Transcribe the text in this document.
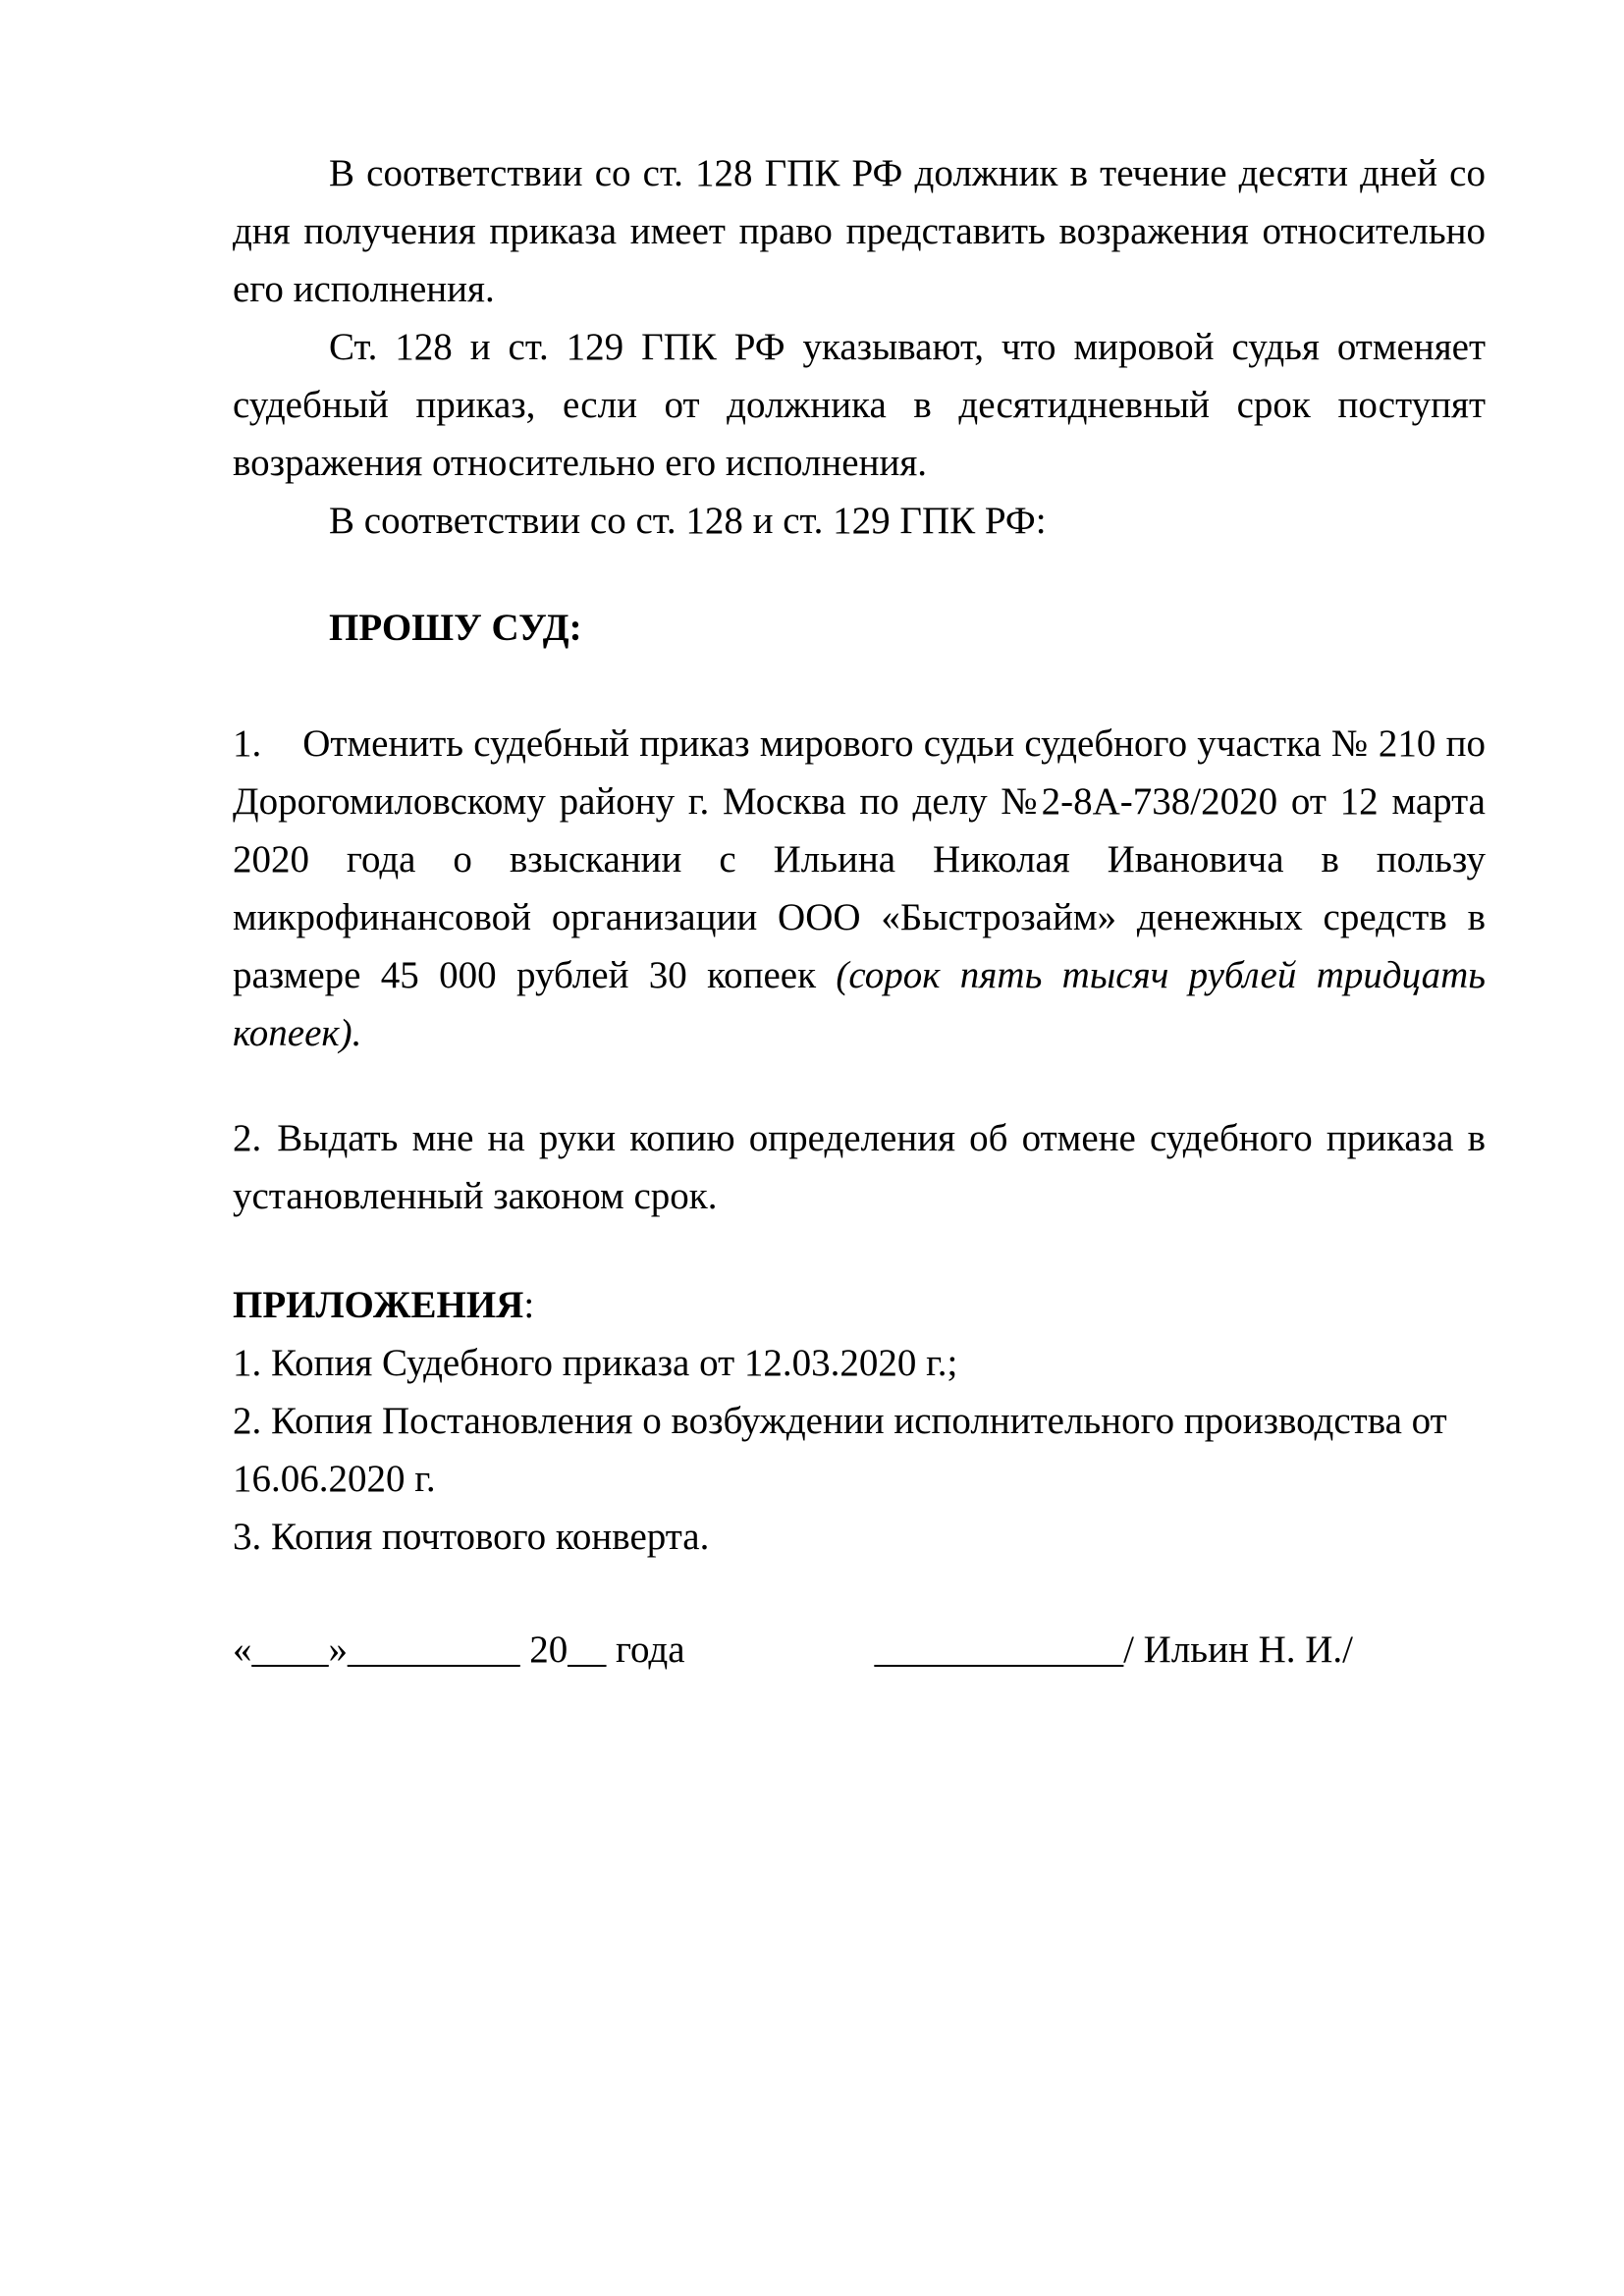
В соответствии со ст. 128 ГПК РФ должник в течение десяти дней со дня получения приказа имеет право представить возражения относительно его исполнения.

Ст. 128 и ст. 129 ГПК РФ указывают, что мировой судья отменяет судебный приказ, если от должника в десятидневный срок поступят возражения относительно его исполнения.

В соответствии со ст. 128 и ст. 129 ГПК РФ:

ПРОШУ СУД:

1. Отменить судебный приказ мирового судьи судебного участка № 210 по Дорогомиловскому району г. Москва по делу №2-8А-738/2020 от 12 марта 2020 года о взыскании с Ильина Николая Ивановича в пользу микрофинансовой организации ООО «Быстрозайм» денежных средств в размере 45 000 рублей 30 копеек (сорок пять тысяч рублей тридцать копеек).

2. Выдать мне на руки копию определения об отмене судебного приказа в установленный законом срок.

ПРИЛОЖЕНИЯ:

1. Копия Судебного приказа от 12.03.2020 г.;

2. Копия Постановления о возбуждении исполнительного производства от 16.06.2020 г.

3. Копия почтового конверта.

«____»_________ 20__ года	_____________/ Ильин Н. И./
